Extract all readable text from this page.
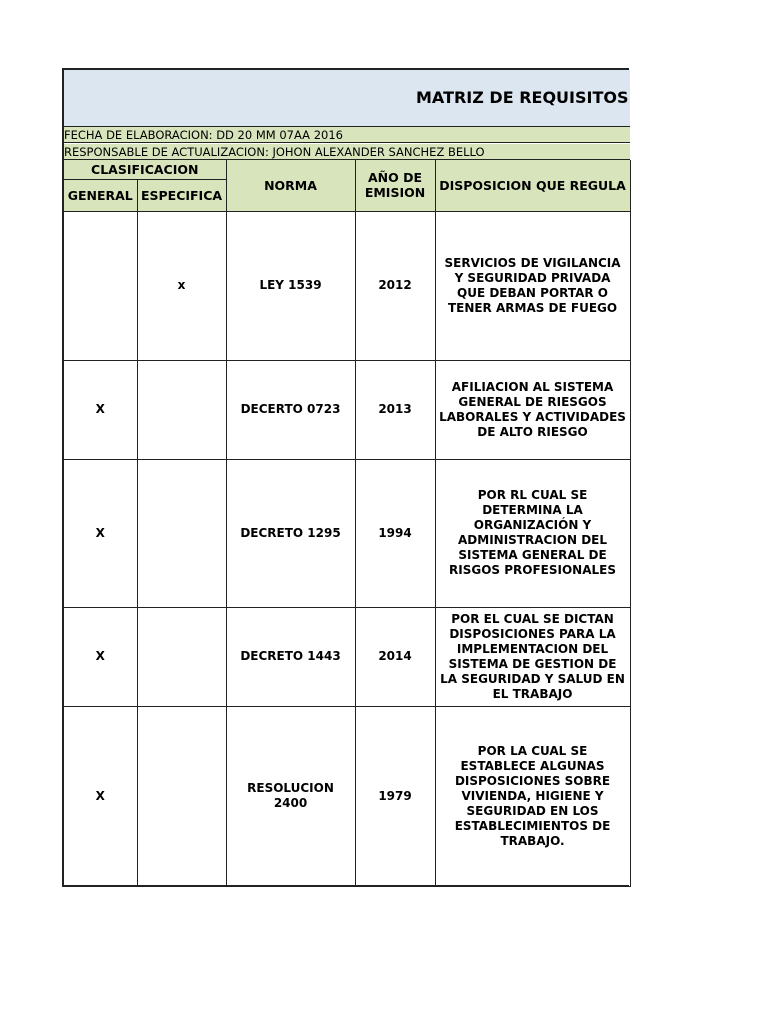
MATRIZ DE REQUISITOS
FECHA DE ELABORACION: DD 20 MM 07AA 2016
RESPONSABLE DE ACTUALIZACION: JOHON ALEXANDER SANCHEZ BELLO
CLASIFICACION		NORMA	AÑO DE EMISION	DISPOSICION QUE REGULA
GENERAL	ESPECIFICA			
	x	LEY 1539	2012	SERVICIOS DE VIGILANCIA Y SEGURIDAD PRIVADA QUE DEBAN PORTAR O TENER ARMAS DE FUEGO
X		DECERTO 0723	2013	AFILIACION AL SISTEMA GENERAL DE RIESGOS LABORALES Y ACTIVIDADES DE ALTO RIESGO
X		DECRETO 1295	1994	POR RL CUAL SE DETERMINA LA ORGANIZACIÓN Y ADMINISTRACION DEL SISTEMA GENERAL DE RISGOS PROFESIONALES
X		DECRETO 1443	2014	POR EL CUAL SE DICTAN DISPOSICIONES PARA LA IMPLEMENTACION DEL SISTEMA DE GESTION DE LA SEGURIDAD Y SALUD EN EL TRABAJO
X		RESOLUCION 2400	1979	POR LA CUAL SE ESTABLECE ALGUNAS DISPOSICIONES SOBRE VIVIENDA, HIGIENE Y SEGURIDAD EN LOS ESTABLECIMIENTOS DE TRABAJO.
